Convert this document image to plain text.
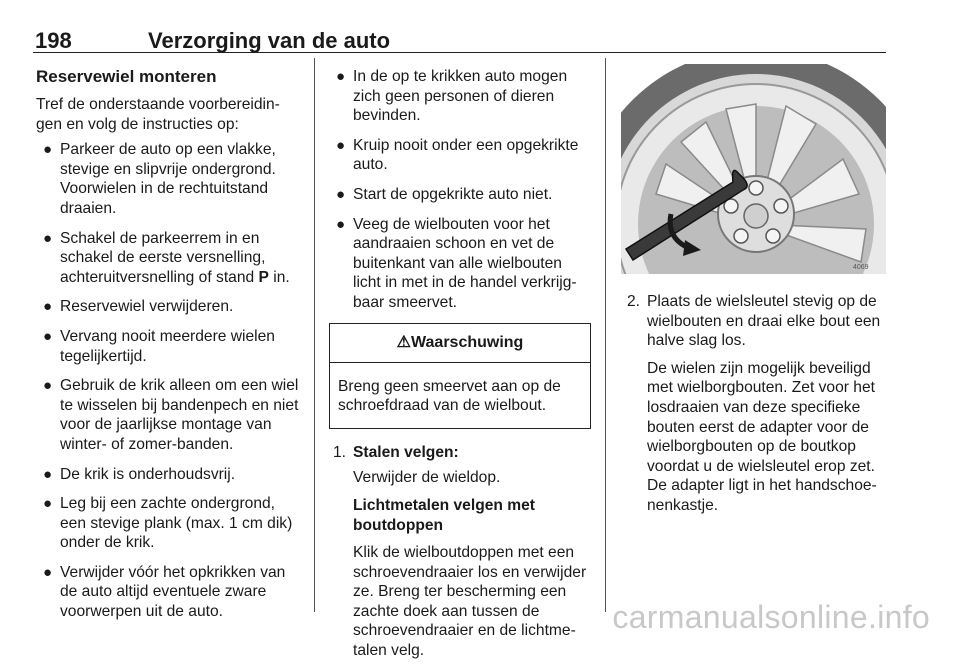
198	Verzorging van de auto
Reservewiel monteren

Tref de onderstaande voorbereidin-gen en volg de instructies op:

● Parkeer de auto op een vlakke, stevige en slipvrije ondergrond. Voorwielen in de rechtuitstand draaien.
● Schakel de parkeerrem in en schakel de eerste versnelling, achteruitversnelling of stand P in.
● Reservewiel verwijderen.
● Vervang nooit meerdere wielen tegelijkertijd.
● Gebruik de krik alleen om een wiel te wisselen bij bandenpech en niet voor de jaarlijkse montage van winter- of zomer-banden.
● De krik is onderhoudsvrij.
● Leg bij een zachte ondergrond, een stevige plank (max. 1 cm dik) onder de krik.
● Verwijder vóór het opkrikken van de auto altijd eventuele zware voorwerpen uit de auto.
● In de op te krikken auto mogen zich geen personen of dieren bevinden.
● Kruip nooit onder een opgekrikte auto.
● Start de opgekrikte auto niet.
● Veeg de wielbouten voor het aandraaien schoon en vet de buitenkant van alle wielbouten licht in met in de handel verkrijg-baar smeervet.
⚠Waarschuwing
Breng geen smeervet aan op de schroefdraad van de wielbout.
1. Stalen velgen:

Verwijder de wieldop.

Lichtmetalen velgen met boutdoppen

Klik de wielboutdoppen met een schroevendraaier los en verwijder ze. Breng ter bescherming een zachte doek aan tussen de schroevendraaier en de lichtme-talen velg.

4069
2. Plaats de wielsleutel stevig op de wielbouten en draai elke bout een halve slag los.

De wielen zijn mogelijk beveiligd met wielborgbouten. Zet voor het losdraaien van deze specifieke bouten eerst de adapter voor de wielborgbouten op de boutkop voordat u de wielsleutel erop zet. De adapter ligt in het handschoe-nenkastje.

carmanualsonline.info
